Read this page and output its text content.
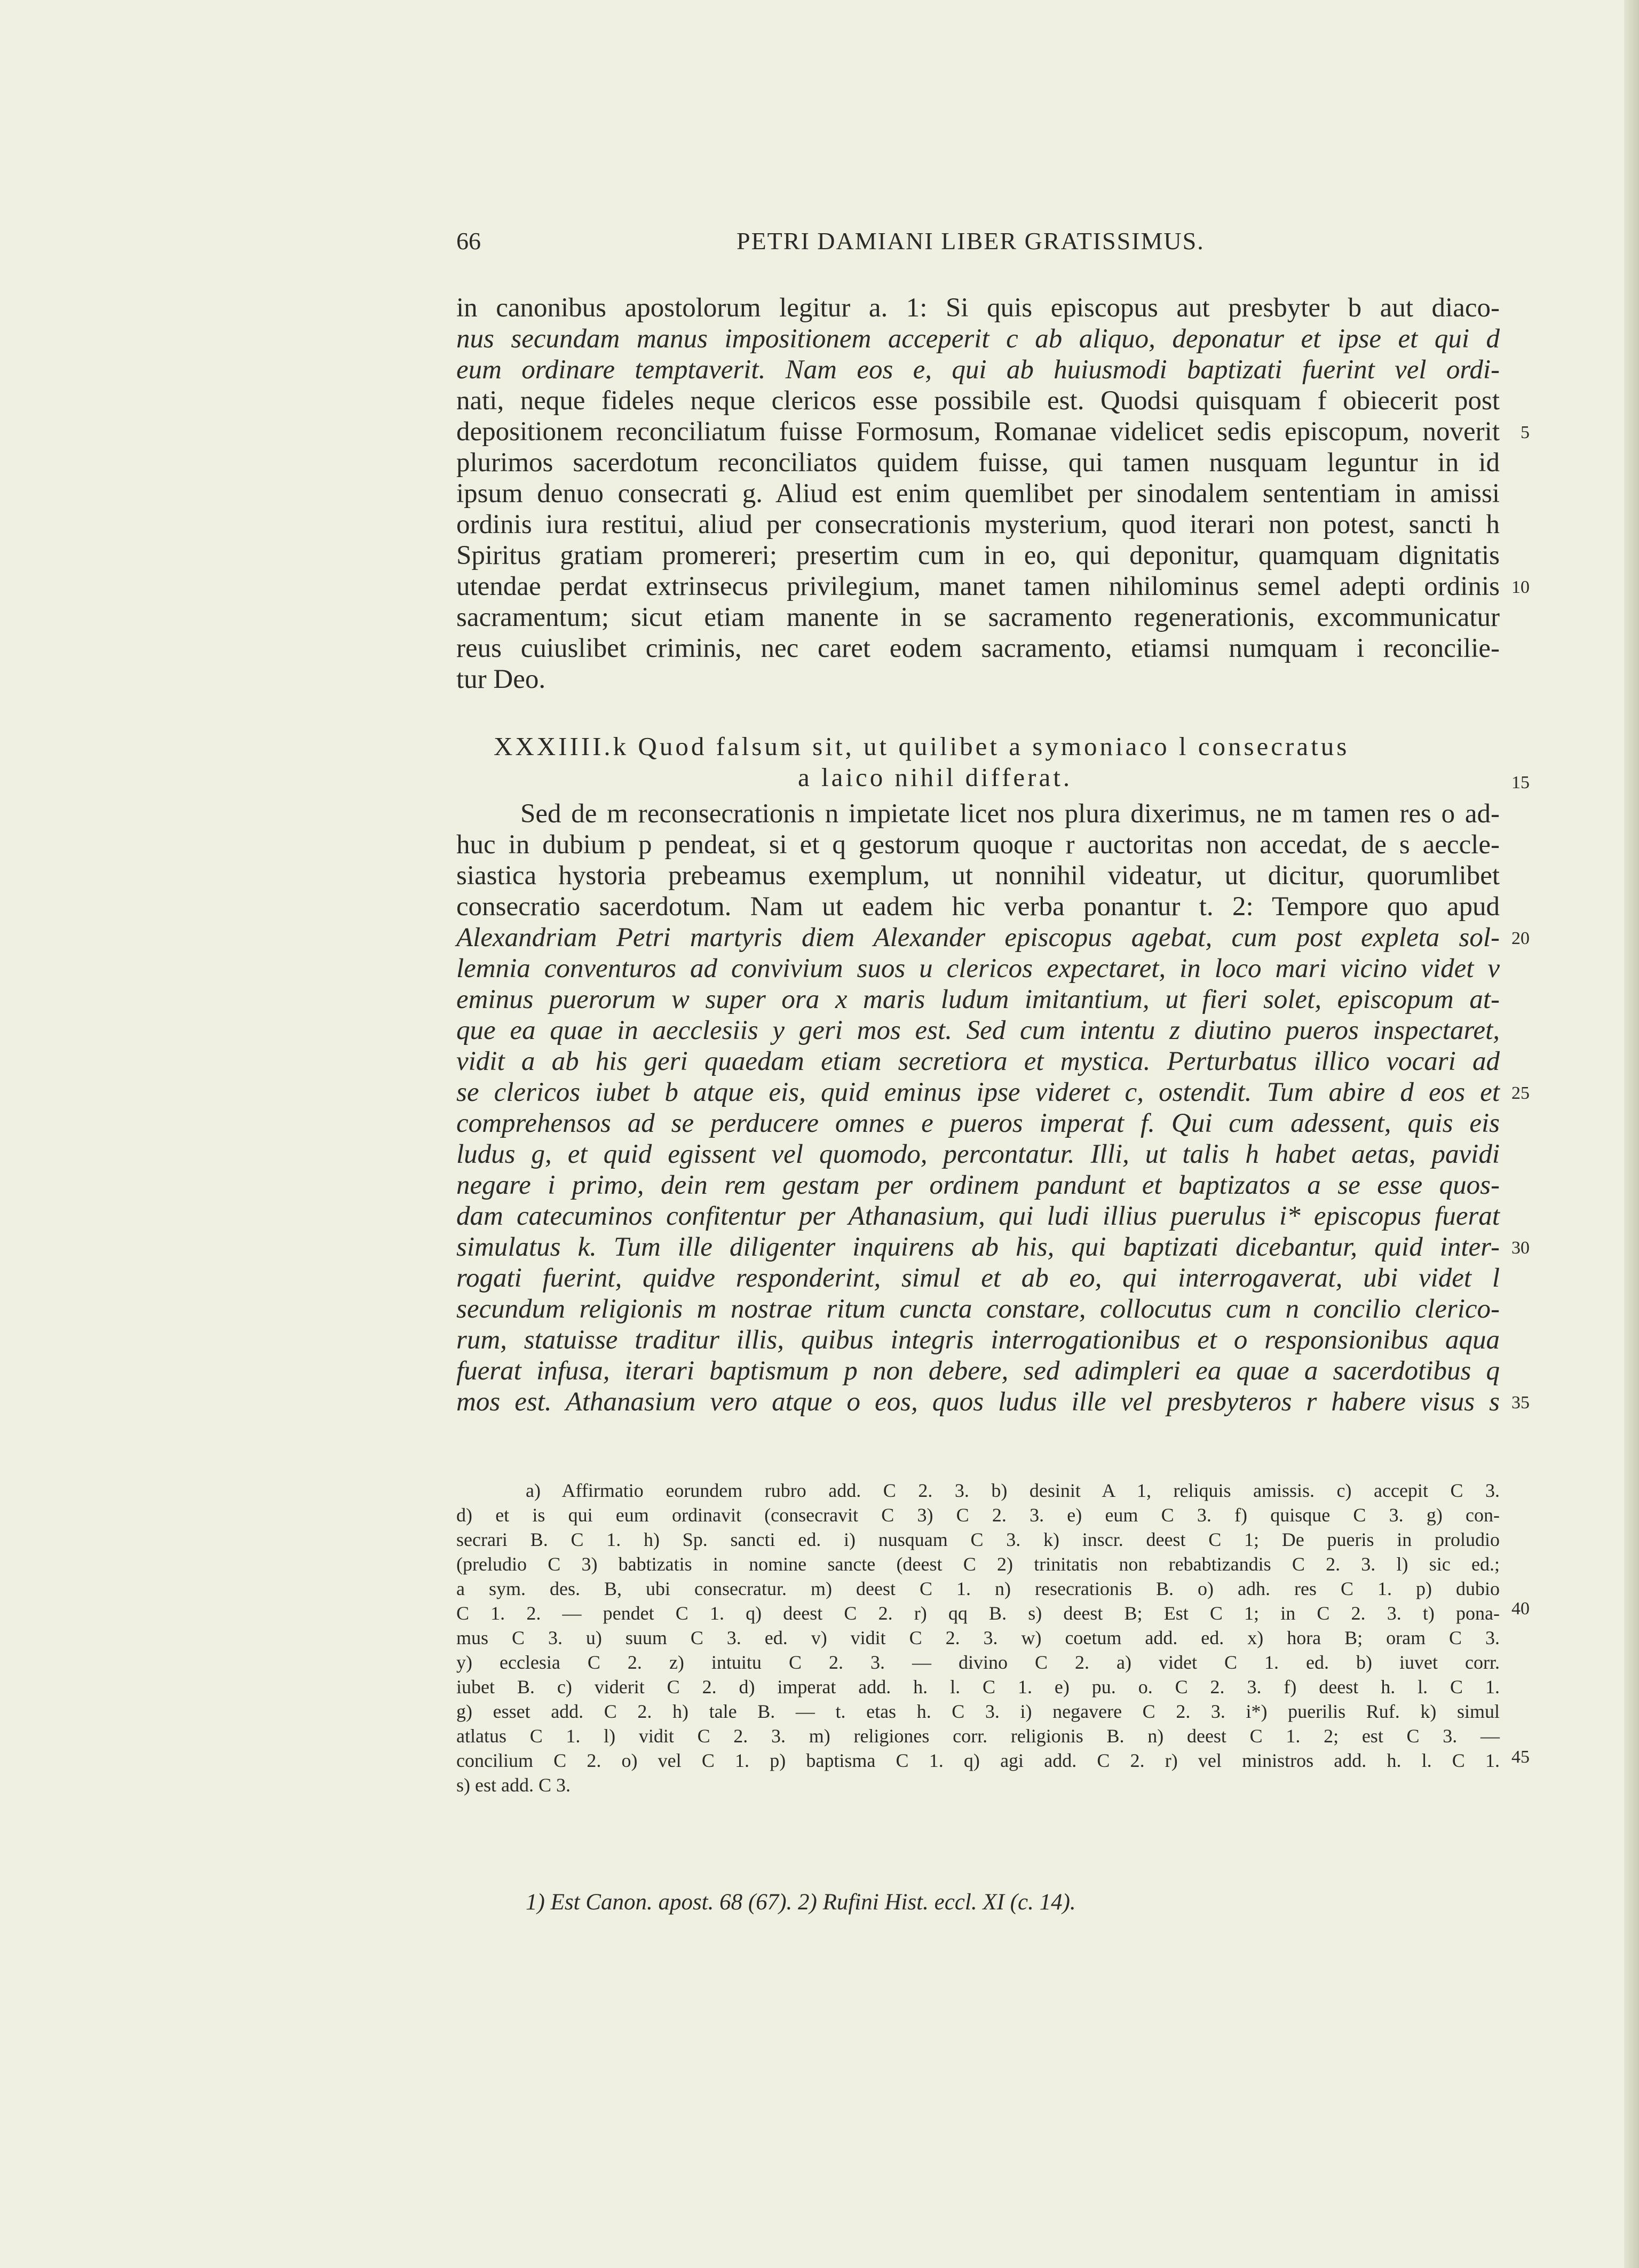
66	PETRI DAMIANI LIBER GRATISSIMUS.
in canonibus apostolorum legitur a. 1: Si quis episcopus aut presbyter b aut diaco-
nus secundam manus impositionem acceperit c ab aliquo, deponatur et ipse et qui d
eum ordinare temptaverit. Nam eos e, qui ab huiusmodi baptizati fuerint vel ordi-
nati, neque fideles neque clericos esse possibile est. Quodsi quisquam f obiecerit post
depositionem reconciliatum fuisse Formosum, Romanae videlicet sedis episcopum, noverit
plurimos sacerdotum reconciliatos quidem fuisse, qui tamen nusquam leguntur in id
ipsum denuo consecrati g. Aliud est enim quemlibet per sinodalem sententiam in amissi
ordinis iura restitui, aliud per consecrationis mysterium, quod iterari non potest, sancti h
Spiritus gratiam promereri; presertim cum in eo, qui deponitur, quamquam dignitatis
utendae perdat extrinsecus privilegium, manet tamen nihilominus semel adepti ordinis
sacramentum; sicut etiam manente in se sacramento regenerationis, excommunicatur
reus cuiuslibet criminis, nec caret eodem sacramento, etiamsi numquam i reconcilie-
tur Deo.
XXXIIII.k Quod falsum sit, ut quilibet a symoniaco l consecratus
a laico nihil differat.
Sed de m reconsecrationis n impietate licet nos plura dixerimus, ne m tamen res o ad-
huc in dubium p pendeat, si et q gestorum quoque r auctoritas non accedat, de s aeccle-
siastica hystoria prebeamus exemplum, ut nonnihil videatur, ut dicitur, quorumlibet
consecratio sacerdotum. Nam ut eadem hic verba ponantur t. 2: Tempore quo apud
Alexandriam Petri martyris diem Alexander episcopus agebat, cum post expleta sol-
lemnia conventuros ad convivium suos u clericos expectaret, in loco mari vicino videt v
eminus puerorum w super ora x maris ludum imitantium, ut fieri solet, episcopum at-
que ea quae in aecclesiis y geri mos est. Sed cum intentu z diutino pueros inspectaret,
vidit a ab his geri quaedam etiam secretiora et mystica. Perturbatus illico vocari ad
se clericos iubet b atque eis, quid eminus ipse videret c, ostendit. Tum abire d eos et
comprehensos ad se perducere omnes e pueros imperat f. Qui cum adessent, quis eis
ludus g, et quid egissent vel quomodo, percontatur. Illi, ut talis h habet aetas, pavidi
negare i primo, dein rem gestam per ordinem pandunt et baptizatos a se esse quos-
dam catecuminos confitentur per Athanasium, qui ludi illius puerulus i* episcopus fuerat
simulatus k. Tum ille diligenter inquirens ab his, qui baptizati dicebantur, quid inter-
rogati fuerint, quidve responderint, simul et ab eo, qui interrogaverat, ubi videt l
secundum religionis m nostrae ritum cuncta constare, collocutus cum n concilio clerico-
rum, statuisse traditur illis, quibus integris interrogationibus et o responsionibus aqua
fuerat infusa, iterari baptismum p non debere, sed adimpleri ea quae a sacerdotibus q
mos est. Athanasium vero atque o eos, quos ludus ille vel presbyteros r habere visus s
5
10
15
20
25
30
35
40
45
a) Affirmatio eorundem rubro add. C 2. 3. b) desinit A 1, reliquis amissis. c) accepit C 3.
d) et is qui eum ordinavit (consecravit C 3) C 2. 3. e) eum C 3. f) quisque C 3. g) con-
secrari B. C 1. h) Sp. sancti ed. i) nusquam C 3. k) inscr. deest C 1; De pueris in proludio
(preludio C 3) babtizatis in nomine sancte (deest C 2) trinitatis non rebabtizandis C 2. 3. l) sic ed.;
a sym. des. B, ubi consecratur. m) deest C 1. n) resecrationis B. o) adh. res C 1. p) dubio
C 1. 2. — pendet C 1. q) deest C 2. r) qq B. s) deest B; Est C 1; in C 2. 3. t) pona-
mus C 3. u) suum C 3. ed. v) vidit C 2. 3. w) coetum add. ed. x) hora B; oram C 3.
y) ecclesia C 2. z) intuitu C 2. 3. — divino C 2. a) videt C 1. ed. b) iuvet corr.
iubet B. c) viderit C 2. d) imperat add. h. l. C 1. e) pu. o. C 2. 3. f) deest h. l. C 1.
g) esset add. C 2. h) tale B. — t. etas h. C 3. i) negavere C 2. 3. i*) puerilis Ruf. k) simul
atlatus C 1. l) vidit C 2. 3. m) religiones corr. religionis B. n) deest C 1. 2; est C 3. —
concilium C 2. o) vel C 1. p) baptisma C 1. q) agi add. C 2. r) vel ministros add. h. l. C 1.
s) est add. C 3.
1) Est Canon. apost. 68 (67). 2) Rufini Hist. eccl. XI (c. 14).
